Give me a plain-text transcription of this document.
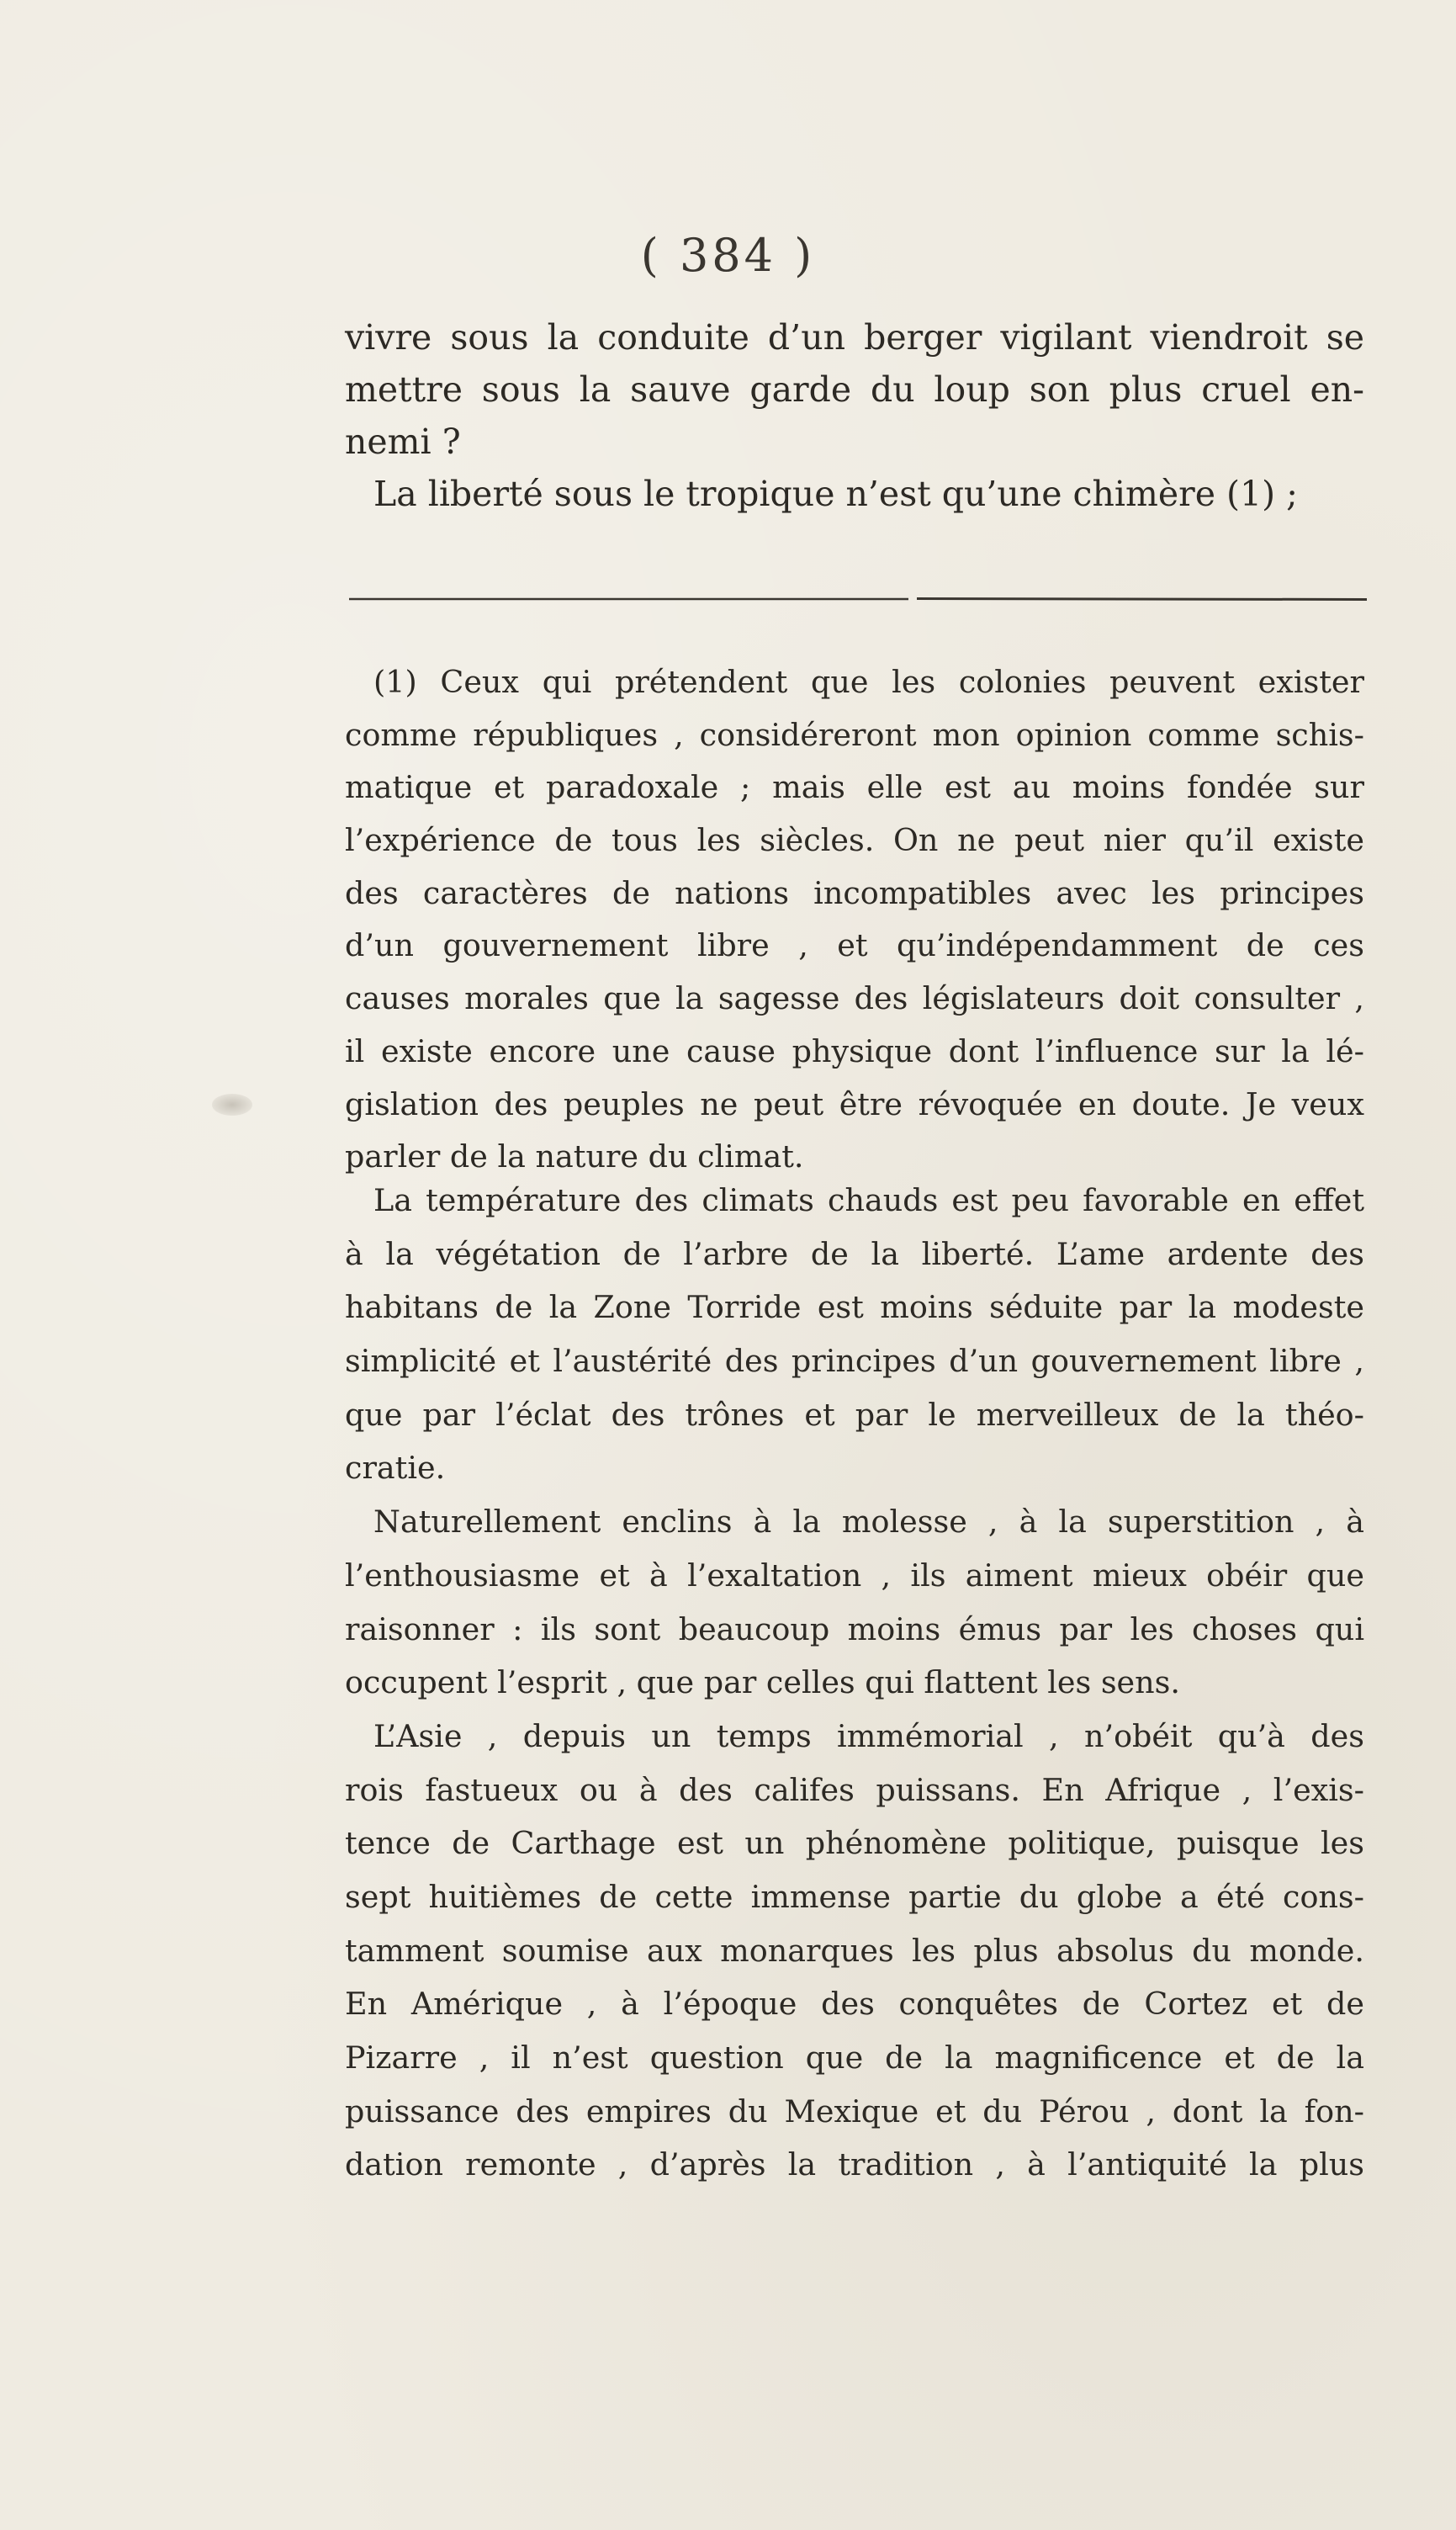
( 384 )
vivre sous la conduite d’un berger vigilant viendroit se
mettre sous la sauve garde du loup son plus cruel en-
nemi ?
La liberté sous le tropique n’est qu’une chimère (1) ;
(1) Ceux qui prétendent que les colonies peuvent exister
comme républiques , considéreront mon opinion comme schis-
matique et paradoxale ; mais elle est au moins fondée sur
l’expérience de tous les siècles. On ne peut nier qu’il existe
des caractères de nations incompatibles avec les principes
d’un gouvernement libre , et qu’indépendamment de ces
causes morales que la sagesse des législateurs doit consulter ,
il existe encore une cause physique dont l’influence sur la lé-
gislation des peuples ne peut être révoquée en doute. Je veux
parler de la nature du climat.
La température des climats chauds est peu favorable en effet
à la végétation de l’arbre de la liberté. L’ame ardente des
habitans de la Zone Torride est moins séduite par la modeste
simplicité et l’austérité des principes d’un gouvernement libre ,
que par l’éclat des trônes et par le merveilleux de la théo-
cratie.
Naturellement enclins à la molesse , à la superstition , à
l’enthousiasme et à l’exaltation , ils aiment mieux obéir que
raisonner : ils sont beaucoup moins émus par les choses qui
occupent l’esprit , que par celles qui flattent les sens.
L’Asie , depuis un temps immémorial , n’obéit qu’à des
rois fastueux ou à des califes puissans. En Afrique , l’exis-
tence de Carthage est un phénomène politique, puisque les
sept huitièmes de cette immense partie du globe a été cons-
tamment soumise aux monarques les plus absolus du monde.
En Amérique , à l’époque des conquêtes de Cortez et de
Pizarre , il n’est question que de la magnificence et de la
puissance des empires du Mexique et du Pérou , dont la fon-
dation remonte , d’après la tradition , à l’antiquité la plus
